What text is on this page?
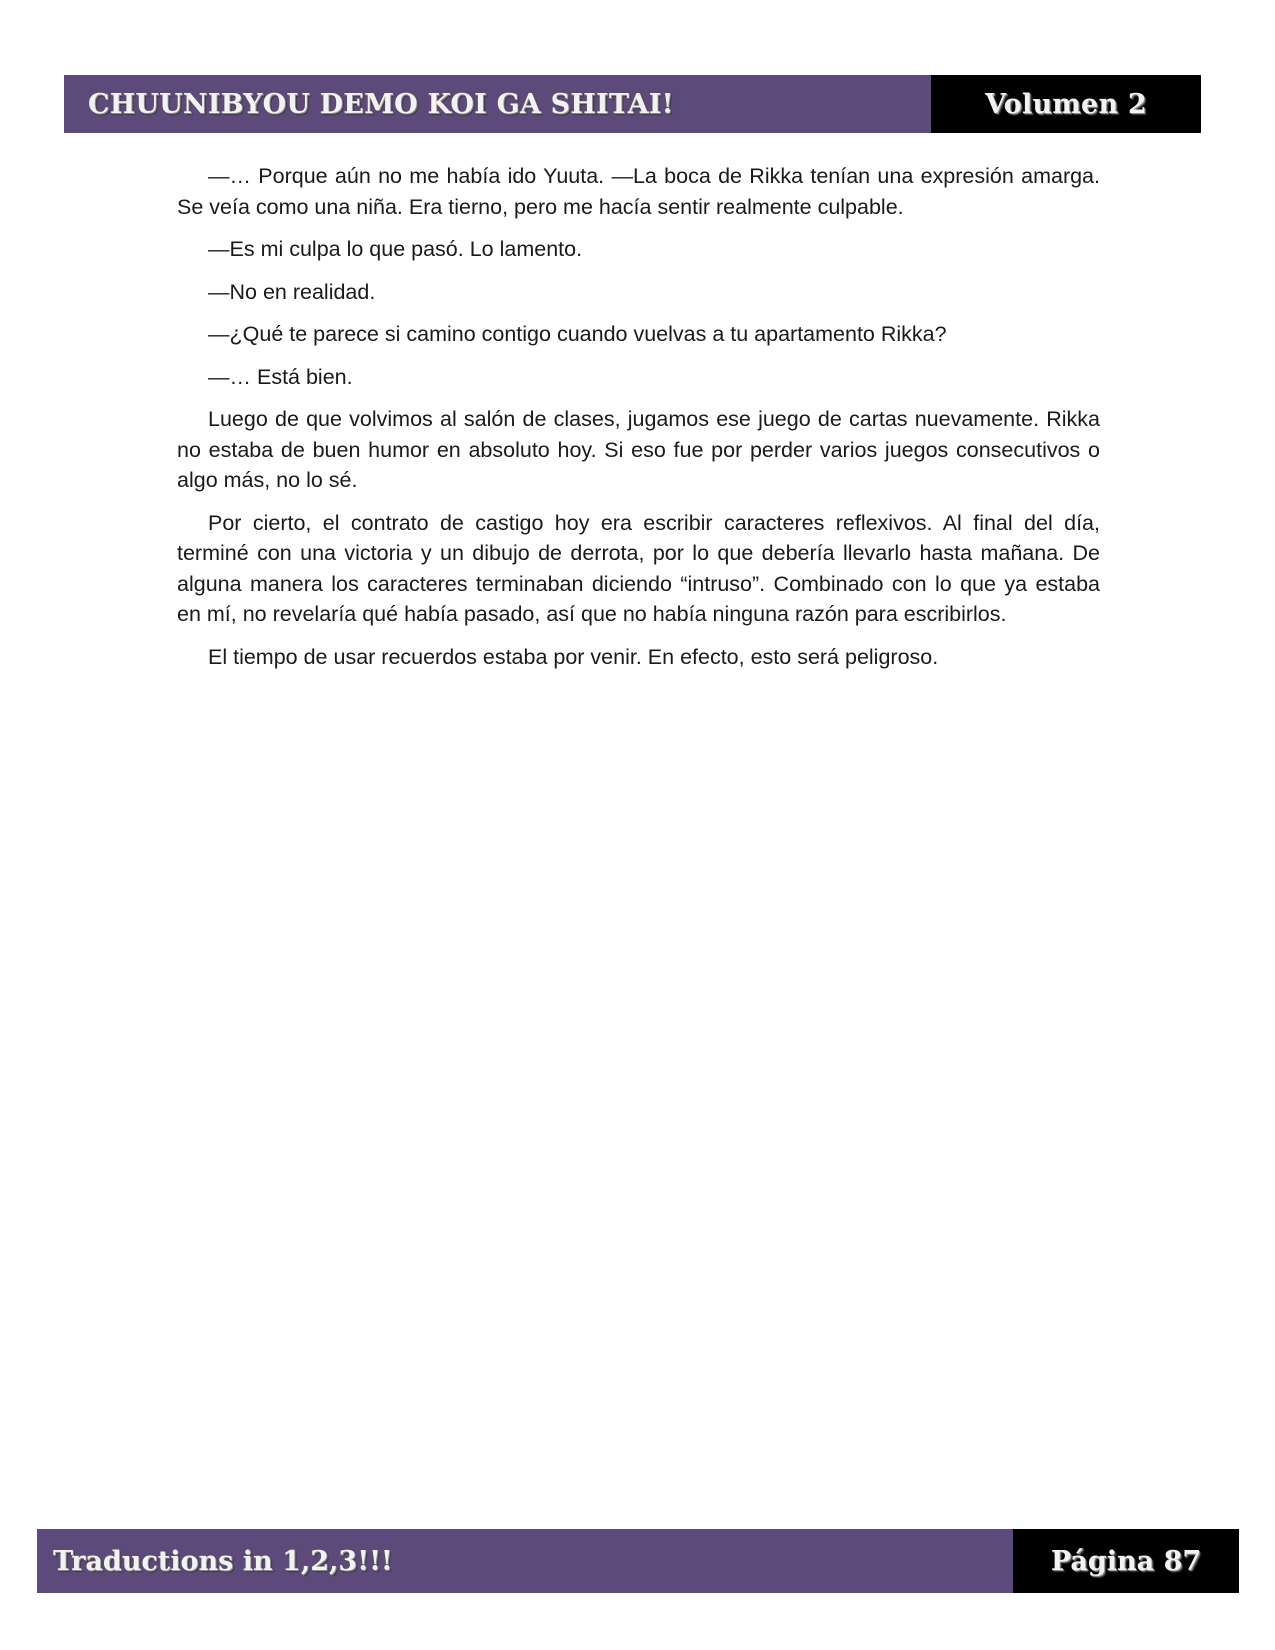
CHUUNIBYOU DEMO KOI GA SHITAI!	Volumen 2

—… Porque aún no me había ido Yuuta. —La boca de Rikka tenían una expresión amarga. Se veía como una niña. Era tierno, pero me hacía sentir realmente culpable.

—Es mi culpa lo que pasó. Lo lamento.

—No en realidad.

—¿Qué te parece si camino contigo cuando vuelvas a tu apartamento Rikka?

—… Está bien.

Luego de que volvimos al salón de clases, jugamos ese juego de cartas nuevamente. Rikka no estaba de buen humor en absoluto hoy. Si eso fue por perder varios juegos consecutivos o algo más, no lo sé.

Por cierto, el contrato de castigo hoy era escribir caracteres reflexivos. Al final del día, terminé con una victoria y un dibujo de derrota, por lo que debería llevarlo hasta mañana. De alguna manera los caracteres terminaban diciendo “intruso”. Combinado con lo que ya estaba en mí, no revelaría qué había pasado, así que no había ninguna razón para escribirlos.

El tiempo de usar recuerdos estaba por venir. En efecto, esto será peligroso.

Traductions in 1,2,3!!!	Página 87
